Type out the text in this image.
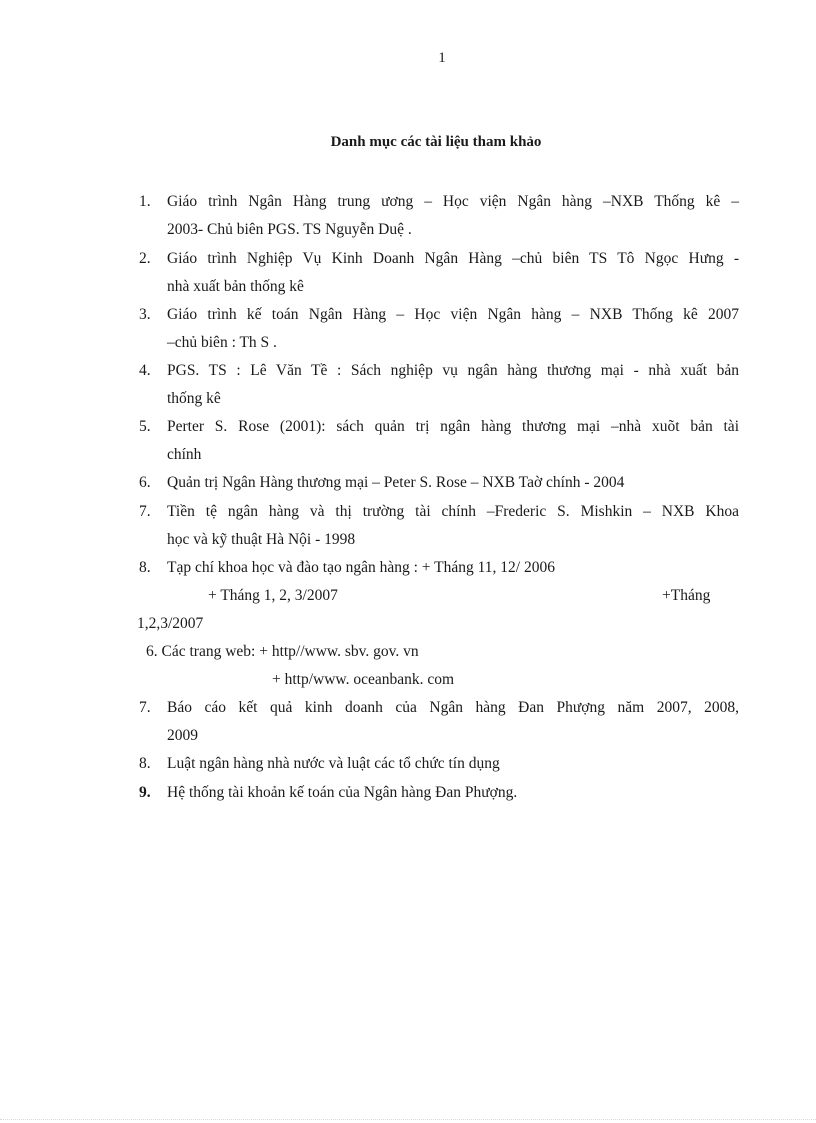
1
Danh mục các tài liệu tham khảo
1. Giáo trình Ngân Hàng trung ương – Học viện Ngân hàng –NXB Thống kê –
2003- Chủ biên PGS. TS Nguyễn Duệ .
2. Giáo trình Nghiệp Vụ Kinh Doanh Ngân Hàng –chủ biên TS Tô Ngọc Hưng -
nhà xuất bản thống kê
3. Giáo trình kế toán Ngân Hàng – Học viện Ngân hàng – NXB Thống kê 2007
–chủ biên : Th S .
4. PGS. TS : Lê Văn Tề : Sách nghiệp vụ ngân hàng thương mại - nhà xuất bản
thống kê
5. Perter S. Rose (2001): sách quản trị ngân hàng thương mại –nhà xuõt bản tài
chính
6. Quản trị Ngân Hàng thương mại – Peter S. Rose – NXB Taờ chính - 2004
7. Tiền tệ ngân hàng và thị trường tài chính –Frederic S. Mishkin – NXB Khoa
học và kỹ thuật Hà Nội - 1998
8. Tạp chí khoa học và đào tạo ngân hàng : + Tháng 11, 12/ 2006
+ Tháng 1, 2, 3/2007	+Tháng
1,2,3/2007
6. Các trang web: + http//www. sbv. gov. vn
+ http/www. oceanbank. com
7. Báo cáo kết quả kinh doanh của Ngân hàng Đan Phượng năm 2007, 2008,
2009
8. Luật ngân hàng nhà nước và luật các tổ chức tín dụng
9. Hệ thống tài khoản kế toán của Ngân hàng Đan Phượng.
